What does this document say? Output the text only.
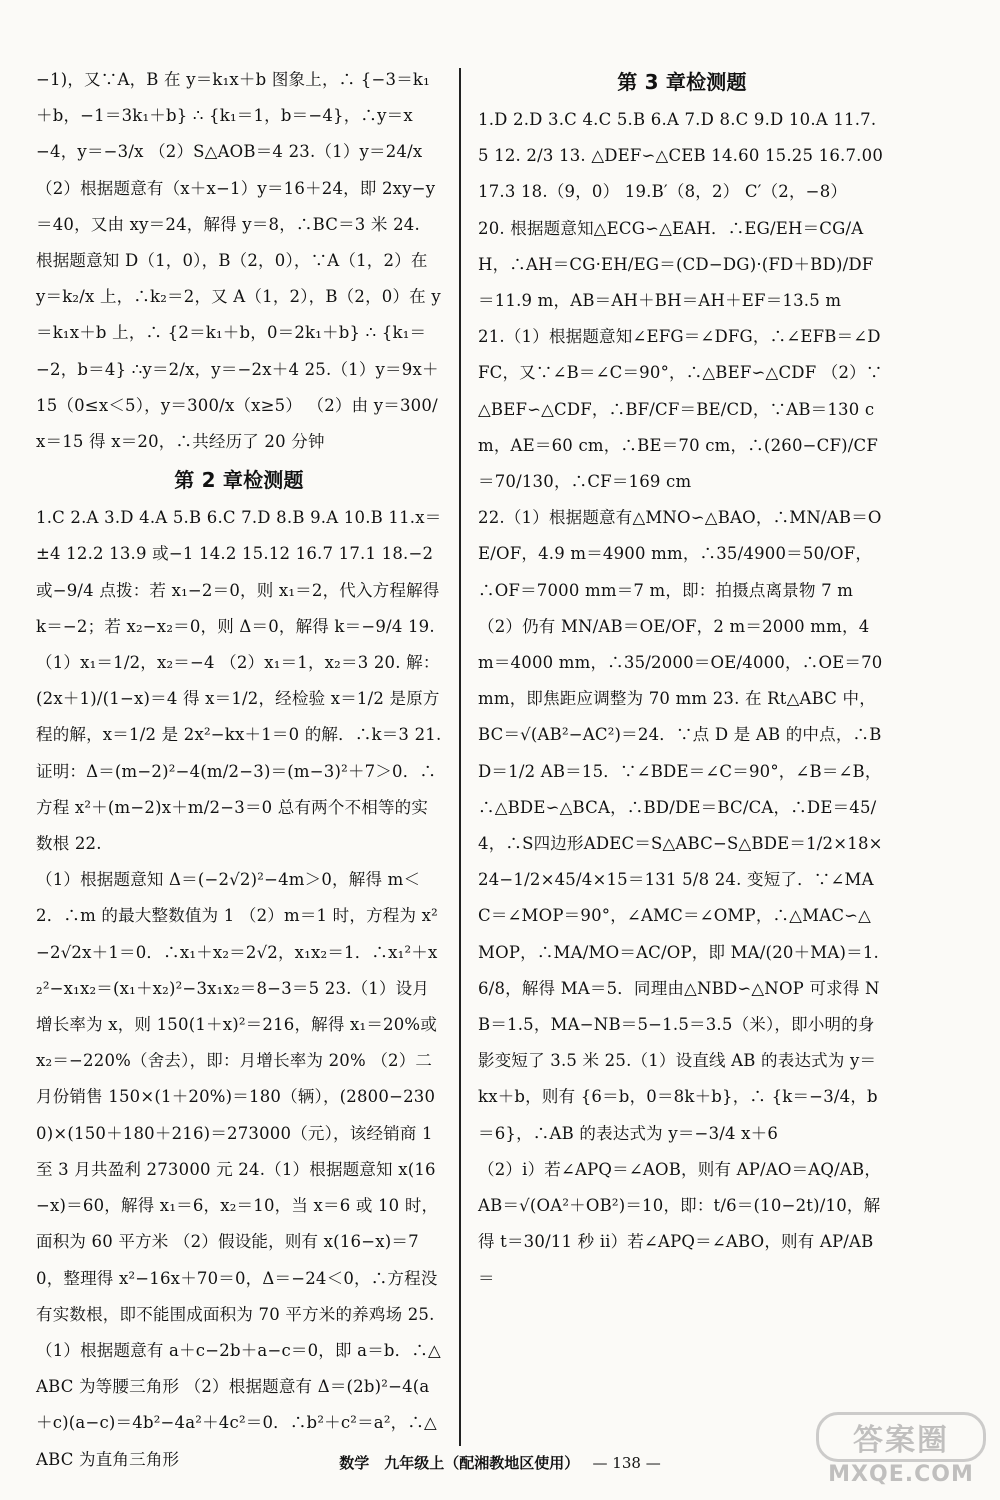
−1)，又∵A，B 在 y＝k₁x＋b 图象上，∴ {−3＝k₁＋b，−1＝3k₁＋b} ∴ {k₁＝1，b＝−4}，∴y＝x−4，y＝−3/x （2）S△AOB＝4 23.（1）y＝24/x （2）根据题意有（x＋x−1）y＝16＋24，即 2xy−y＝40，又由 xy＝24，解得 y＝8，∴BC＝3 米 24. 根据题意知 D（1，0），B（2，0），∵A（1，2）在 y＝k₂/x 上，∴k₂＝2，又 A（1，2），B（2，0）在 y＝k₁x＋b 上，∴ {2＝k₁＋b，0＝2k₁＋b} ∴ {k₁＝−2，b＝4} ∴y＝2/x，y＝−2x＋4 25.（1）y＝9x＋15（0≤x＜5），y＝300/x（x≥5） （2）由 y＝300/x＝15 得 x＝20，∴共经历了 20 分钟
第 2 章检测题
1.C 2.A 3.D 4.A 5.B 6.C 7.D 8.B 9.A 10.B 11.x＝±4 12.2 13.9 或−1 14.2 15.12 16.7 17.1 18.−2 或−9/4 点拨：若 x₁−2＝0，则 x₁＝2，代入方程解得 k＝−2；若 x₂−x₂＝0，则 Δ＝0，解得 k＝−9/4 19.（1）x₁＝1/2，x₂＝−4 （2）x₁＝1，x₂＝3 20. 解：(2x＋1)/(1−x)＝4 得 x＝1/2，经检验 x＝1/2 是原方程的解，x＝1/2 是 2x²−kx＋1＝0 的解．∴k＝3 21. 证明：Δ＝(m−2)²−4(m/2−3)＝(m−3)²＋7＞0．∴方程 x²＋(m−2)x＋m/2−3＝0 总有两个不相等的实数根 22.
（1）根据题意知 Δ＝(−2√2)²−4m＞0，解得 m＜2．∴m 的最大整数值为 1 （2）m＝1 时，方程为 x²−2√2x＋1＝0．∴x₁＋x₂＝2√2，x₁x₂＝1．∴x₁²＋x₂²−x₁x₂＝(x₁＋x₂)²−3x₁x₂＝8−3＝5 23.（1）设月增长率为 x，则 150(1＋x)²＝216，解得 x₁＝20%或 x₂＝−220%（舍去），即：月增长率为 20% （2）二月份销售 150×(1＋20%)＝180（辆），(2800−2300)×(150＋180＋216)＝273000（元），该经销商 1 至 3 月共盈利 273000 元 24.（1）根据题意知 x(16−x)＝60，解得 x₁＝6，x₂＝10，当 x＝6 或 10 时，面积为 60 平方米 （2）假设能，则有 x(16−x)＝70，整理得 x²−16x＋70＝0，Δ＝−24＜0，∴方程没有实数根，即不能围成面积为 70 平方米的养鸡场 25.（1）根据题意有 a＋c−2b＋a−c＝0，即 a＝b．∴△ABC 为等腰三角形 （2）根据题意有 Δ＝(2b)²−4(a＋c)(a−c)＝4b²−4a²＋4c²＝0．∴b²＋c²＝a²，∴△ABC 为直角三角形
第 3 章检测题
1.D 2.D 3.C 4.C 5.B 6.A 7.D 8.C 9.D 10.A 11.7.5 12. 2/3 13. △DEF∽△CEB 14.60 15.25 16.7.00 17.3 18.（9，0） 19.B′（8，2） C′（2，−8）
20. 根据题意知△ECG∽△EAH．∴EG/EH＝CG/AH，∴AH＝CG·EH/EG＝(CD−DG)·(FD＋BD)/DF＝11.9 m，AB＝AH＋BH＝AH＋EF＝13.5 m
21.（1）根据题意知∠EFG＝∠DFG，∴∠EFB＝∠DFC，又∵∠B＝∠C＝90°，∴△BEF∽△CDF （2）∵△BEF∽△CDF，∴BF/CF＝BE/CD，∵AB＝130 cm，AE＝60 cm，∴BE＝70 cm，∴(260−CF)/CF＝70/130，∴CF＝169 cm
22.（1）根据题意有△MNO∽△BAO，∴MN/AB＝OE/OF，4.9 m＝4900 mm，∴35/4900＝50/OF，∴OF＝7000 mm＝7 m，即：拍摄点离景物 7 m （2）仍有 MN/AB＝OE/OF，2 m＝2000 mm，4 m＝4000 mm，∴35/2000＝OE/4000，∴OE＝70 mm，即焦距应调整为 70 mm 23. 在 Rt△ABC 中，BC＝√(AB²−AC²)＝24．∵点 D 是 AB 的中点，∴BD＝1/2 AB＝15．∵∠BDE＝∠C＝90°，∠B＝∠B，∴△BDE∽△BCA，∴BD/DE＝BC/CA，∴DE＝45/4，∴S四边形ADEC＝S△ABC−S△BDE＝1/2×18×24−1/2×45/4×15＝131 5/8 24. 变短了．∵∠MAC＝∠MOP＝90°，∠AMC＝∠OMP，∴△MAC∽△MOP，∴MA/MO＝AC/OP，即 MA/(20＋MA)＝1.6/8，解得 MA＝5．同理由△NBD∽△NOP 可求得 NB＝1.5，MA−NB＝5−1.5＝3.5（米），即小明的身影变短了 3.5 米 25.（1）设直线 AB 的表达式为 y＝kx＋b，则有 {6＝b，0＝8k＋b}，∴ {k＝−3/4，b＝6}，∴AB 的表达式为 y＝−3/4 x＋6
（2）ⅰ）若∠APQ＝∠AOB，则有 AP/AO＝AQ/AB，AB＝√(OA²＋OB²)＝10，即：t/6＝(10−2t)/10，解得 t＝30/11 秒 ⅱ）若∠APQ＝∠ABO，则有 AP/AB＝
数学　九年级上（配湘教地区使用） — 138 —
答案圈
MXQE.COM
